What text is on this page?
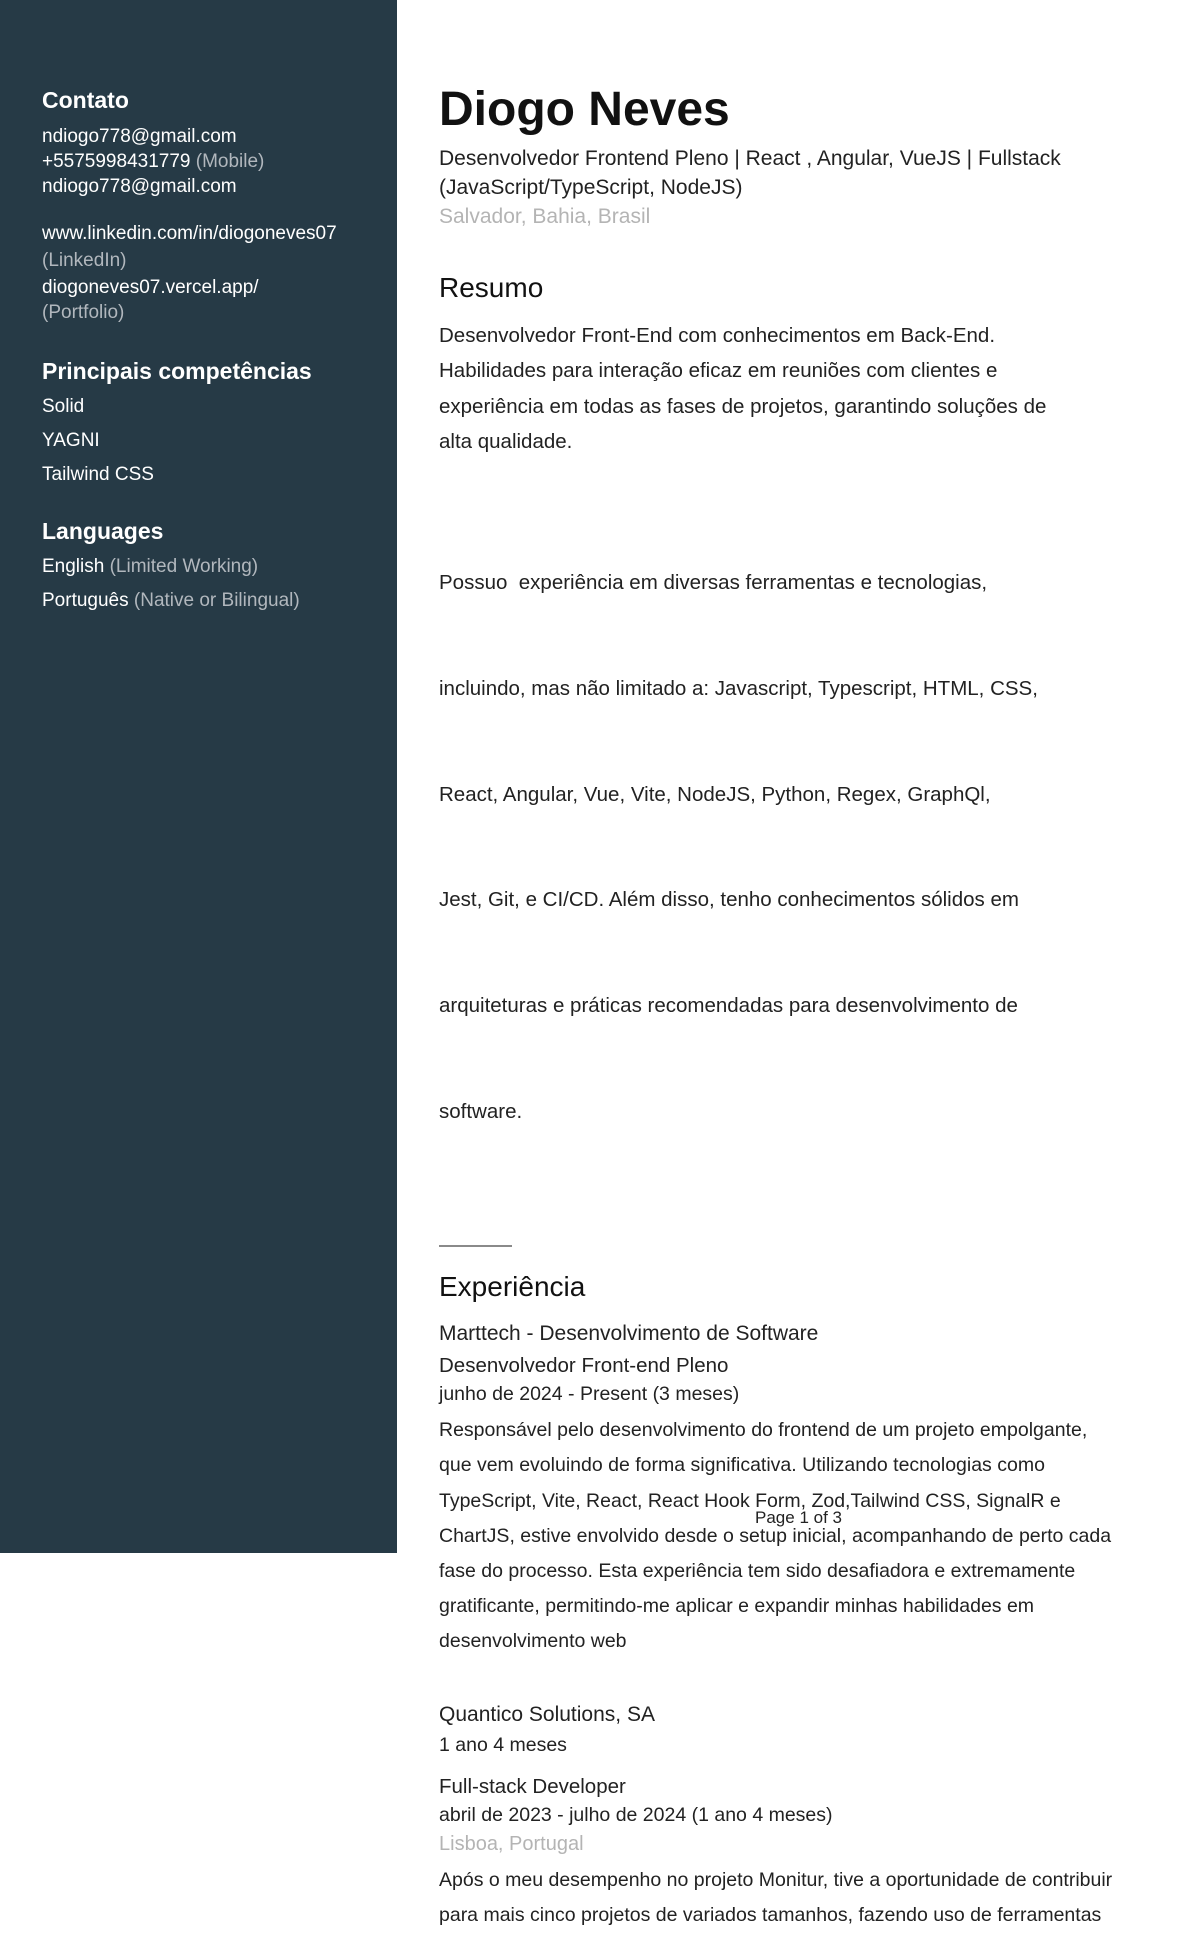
Contato
ndiogo778@gmail.com
+5575998431779 (Mobile)
ndiogo778@gmail.com
www.linkedin.com/in/diogoneves07
(LinkedIn)
diogoneves07.vercel.app/
(Portfolio)
Principais competências
Solid
YAGNI
Tailwind CSS
Languages
English (Limited Working)
Português (Native or Bilingual)
Diogo Neves
Desenvolvedor Frontend Pleno | React , Angular, VueJS | Fullstack
(JavaScript/TypeScript, NodeJS)
Salvador, Bahia, Brasil
Resumo
Desenvolvedor Front-End com conhecimentos em Back-End.
Habilidades para interação eficaz em reuniões com clientes e
experiência em todas as fases de projetos, garantindo soluções de
alta qualidade.

Possuo  experiência em diversas ferramentas e tecnologias,

incluindo, mas não limitado a: Javascript, Typescript, HTML, CSS,

React, Angular, Vue, Vite, NodeJS, Python, Regex, GraphQl,

Jest, Git, e CI/CD. Além disso, tenho conhecimentos sólidos em

arquiteturas e práticas recomendadas para desenvolvimento de

software.

Experiência
Marttech - Desenvolvimento de Software
Desenvolvedor Front-end Pleno
junho de 2024 - Present (3 meses)
Responsável pelo desenvolvimento do frontend de um projeto empolgante,
que vem evoluindo de forma significativa. Utilizando tecnologias como
TypeScript, Vite, React, React Hook Form, Zod,Tailwind CSS, SignalR e
ChartJS, estive envolvido desde o setup inicial, acompanhando de perto cada
fase do processo. Esta experiência tem sido desafiadora e extremamente
gratificante, permitindo-me aplicar e expandir minhas habilidades em
desenvolvimento web
Quantico Solutions, SA
1 ano 4 meses
Full-stack Developer
abril de 2023 - julho de 2024 (1 ano 4 meses)
Lisboa, Portugal
Após o meu desempenho no projeto Monitur, tive a oportunidade de contribuir
para mais cinco projetos de variados tamanhos, fazendo uso de ferramentas
Page 1 of 3
